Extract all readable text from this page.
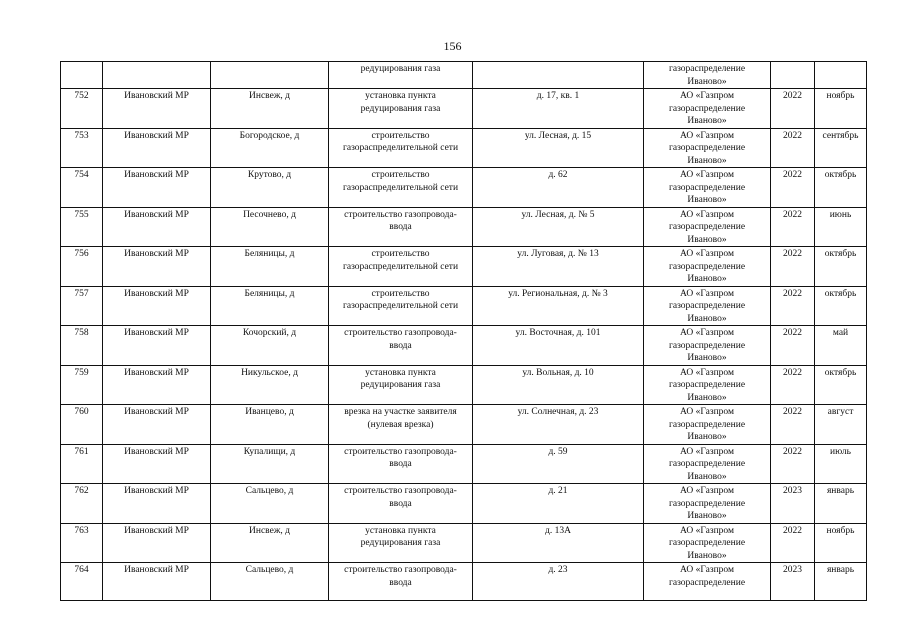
156

			редуцирования газа		газораспределение
Иваново»		

752	Ивановский МР	Инсвеж, д	установка пункта
редуцирования газа	д. 17, кв. 1	АО «Газпром
газораспределение
Иваново»	2022	ноябрь
753	Ивановский МР	Богородское, д	строительство
газораспределительной сети	ул. Лесная, д. 15	АО «Газпром
газораспределение
Иваново»	2022	сентябрь
754	Ивановский МР	Крутово, д	строительство
газораспределительной сети	д. 62	АО «Газпром
газораспределение
Иваново»	2022	октябрь
755	Ивановский МР	Песочнево, д	строительство газопровода-
ввода	ул. Лесная, д. № 5	АО «Газпром
газораспределение
Иваново»	2022	июнь
756	Ивановский МР	Беляницы, д	строительство
газораспределительной сети	ул. Луговая, д. № 13	АО «Газпром
газораспределение
Иваново»	2022	октябрь
757	Ивановский МР	Беляницы, д	строительство
газораспределительной сети	ул. Региональная, д. № 3	АО «Газпром
газораспределение
Иваново»	2022	октябрь
758	Ивановский МР	Кочорский, д	строительство газопровода-
ввода	ул. Восточная, д. 101	АО «Газпром
газораспределение
Иваново»	2022	май
759	Ивановский МР	Никульское, д	установка пункта
редуцирования газа	ул. Вольная, д. 10	АО «Газпром
газораспределение
Иваново»	2022	октябрь
760	Ивановский МР	Иванцево, д	врезка на участке заявителя
(нулевая врезка)	ул. Солнечная, д. 23	АО «Газпром
газораспределение
Иваново»	2022	август
761	Ивановский МР	Купалищи, д	строительство газопровода-
ввода	д. 59	АО «Газпром
газораспределение
Иваново»	2022	июль
762	Ивановский МР	Сальцево, д	строительство газопровода-
ввода	д. 21	АО «Газпром
газораспределение
Иваново»	2023	январь
763	Ивановский МР	Инсвеж, д	установка пункта
редуцирования газа	д. 13А	АО «Газпром
газораспределение
Иваново»	2022	ноябрь
764	Ивановский МР	Сальцево, д	строительство газопровода-
ввода	д. 23	АО «Газпром
газораспределение	2023	январь
